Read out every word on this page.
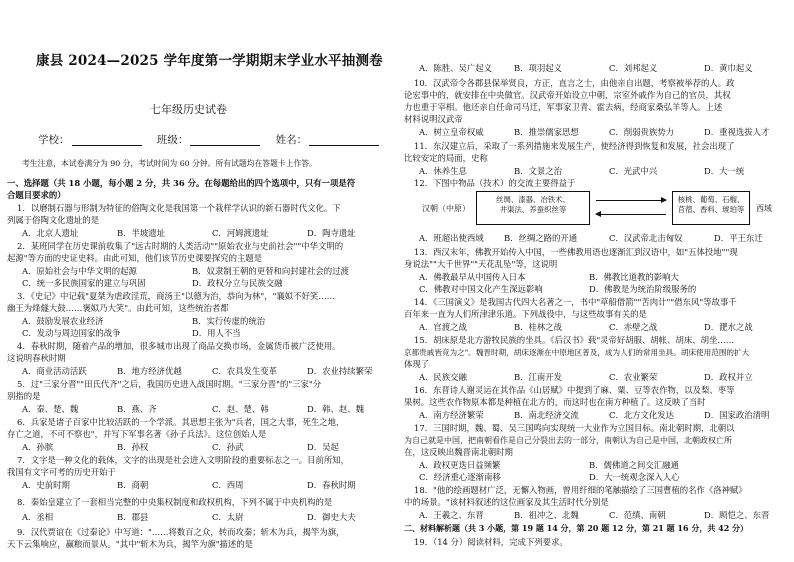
康县 2024—2025 学年度第一学期期末学业水平抽测卷
七年级历史试卷
学校：	班级：	姓名：
考生注意，本试卷满分为 90 分，考试时间为 60 分钟。所有试题均在答题卡上作答。
一、选择题（共 18 小题，每小题 2 分，共 36 分。在每题给出的四个选项中，只有一项是符
合题目要求的）
1．以磨制石器与形制为特征的俗陶文化是我国第一个栽样学认识的新石器时代文化。下
列属于俗陶文化遗址的是
A．北京人遗址	B．半坡遗址	C．河姆渡遗址	D．陶寺遗址
2．某班同学在历史课前收集了"远古时期的人类活动""原始农业与史前社会""中华文明的
起源"等方面的史证史料。由此可知，他们该节历史课要探究的主题是
A．原始社会与中华文明的起源	B．奴隶制王朝的更替和向封建社会的过渡
C．统一多民族国家的建立与巩固	D．政权分立与民族交融
3．《史记》中记载"夏桀为虐政淫荒，商汤王"以德为治，恭向为林"，"襄姒不好笑……
幽王为烽燧大鼓……褒姒乃大笑"。由此可知，这些统治者都
A．鼓励发展农业经济	B．实行传虚的统治
C．发动与周边国家的战争	D．用人不当
4．春秋时期，随着产品的增加，很多城市出现了商品交换市场，金属货币被广泛使用。
这说明春秋时期
A．商业活动活跃	B．地方经济优越	C．农具发生变革	D．农业持续繁荣
5．过"三家分晋""田氏代齐"之后，我国历史进入战国时期。"三家分晋"的"三家"分
别指的是
A．秦、楚、魏	B．燕、齐	C．赵、楚、韩	D．韩、赵、魏
6．兵家是诸子百家中比较活跃的一个学派。其思想主张为"兵者，国之大事，死生之地，
存亡之道，不可不察也"，并写下军事名著《孙子兵法》。这位创始人是
A．孙膑	B．孙权	C．孙武	D．吴起
7．文字是一种文化的载体，文字的出现是社会进入文明阶段的重要标志之一。目前所知，
我国有文字可考的历史开始于
A．史前时期	B．商朝	C．西周	D．春秋时期
8．秦始皇建立了一套相当完整的中央集权制度和政权机构，下列不属于中央机构的是
A．丞相	B．郡县	C．太尉	D．御史大夫
9．汉代贾谊在《过秦论》中写道："……将数百之众，转而攻秦；斩木为兵，揭竿为旗，
天下云集响应，赢粮而景从。"其中"斩木为兵，揭竿为旗"描述的是
A．陈胜、吴广起义	B．项羽起义	C．刘邦起义	D．黄巾起义
10．汉武帝令各郡县保举贤良，方正，直言之士，由他亲自出题，考察被举荐的人。政
论宏事中的，就安排在中央做官。汉武帝开始设立中朝，宗室外戚作为自己的官员，其权
力也重于宰相。他还亲自任命司马迁，军事家卫青、霍去病，经商家桑弘羊等人。上述
材料说明汉武帝
A．树立皇帝权威	B．推崇儒家思想	C．削弱贵族势力	D．重视选拔人才
11．东汉建立后，采取了一系列措施来发展生产，使经济得到恢复和发展，社会出现了
比较安定的局面，史称
A．休养生息	B．文景之治	C．光武中兴	D．大一统
12．下图中物品（技术）的交流主要得益于
汉朝（中原）
丝绸、漆器、冶铁术、
井渠法、养蚕织丝等
核桃、葡萄、石榴、
苜蓿、香料、琥珀等	西域
A．班超出使西域 B．丝绸之路的开通	C．汉武帝北击匈奴	D．平王东迁
13．西汉末年，佛教开始传入中国，一些佛教用语也逐渐汇到汉语中，如"五体投地""现
身说法""大千世界""天花乱坠"等，这说明
A．佛教最早从中国传入日本	B．佛教比道教的影响大
C．佛教对中国文化产生深远影响	D．佛教是为统治阶级服务的
14．《三国演义》是我国古代四大名著之一，书中"草船借箭""苦肉计""借东风"等故事千
百年来一直为人们所津津乐道。下列战役中，与这些故事有关的是
A．官渡之战	B．桂林之战	C．赤壁之战	D．淝水之战
15．胡床原是北方游牧民族的坐具。《后汉书》载"灵帝好胡服、胡帐、胡床、胡坐……
京都贵戚皆竞为之"。魏晋时期，胡床逐渐在中原地区普及，成为人们的常用坐具。胡床使用范围的扩大
体现了
A．民族交融	B．江南开发	C．农业繁荣	D．政权并立
16．东晋诗人谢灵运在其作品《山居赋》中提到了麻、粟、豆等农作物，以及梨、枣等
果树。这些农作物原本都是种植在北方的，而这时也在南方种植了。这反映了当时
A．南方经济繁荣	B．南北经济交流	C．北方文化发达	D．国家政治清明
17．三国时期，魏、蜀、吴三国鸣向实现统一大业作为立国目标。南北朝时期，北朝以
为自己就是中国，把南朝看作是自己分裂出去的一部分，南朝认为自己是中国，北朝政权亡所
在，这反映出魏晋南北朝时期
A．政权更迭日益频繁	B．儒佛道之间交汇融通
C．经济重心逐渐南移	D．大一统观念深入人心
18．"他的绘画题材广泛，无懈入物画，曾用纤细的笔触描绘了三国曹植的名作《洛神赋》
中的场景。"该材料叙述的这位画家及其生活时代分别是
A．王羲之、东晋	B．祖冲之、北魏	C．范缜、南朝	D．顾恺之、东晋
二、材料解析题（共 3 小题，第 19 题 14 分，第 20 题 12 分，第 21 题 16 分，共 42 分）
19．（14 分）阅读材料，完成下列要求。
